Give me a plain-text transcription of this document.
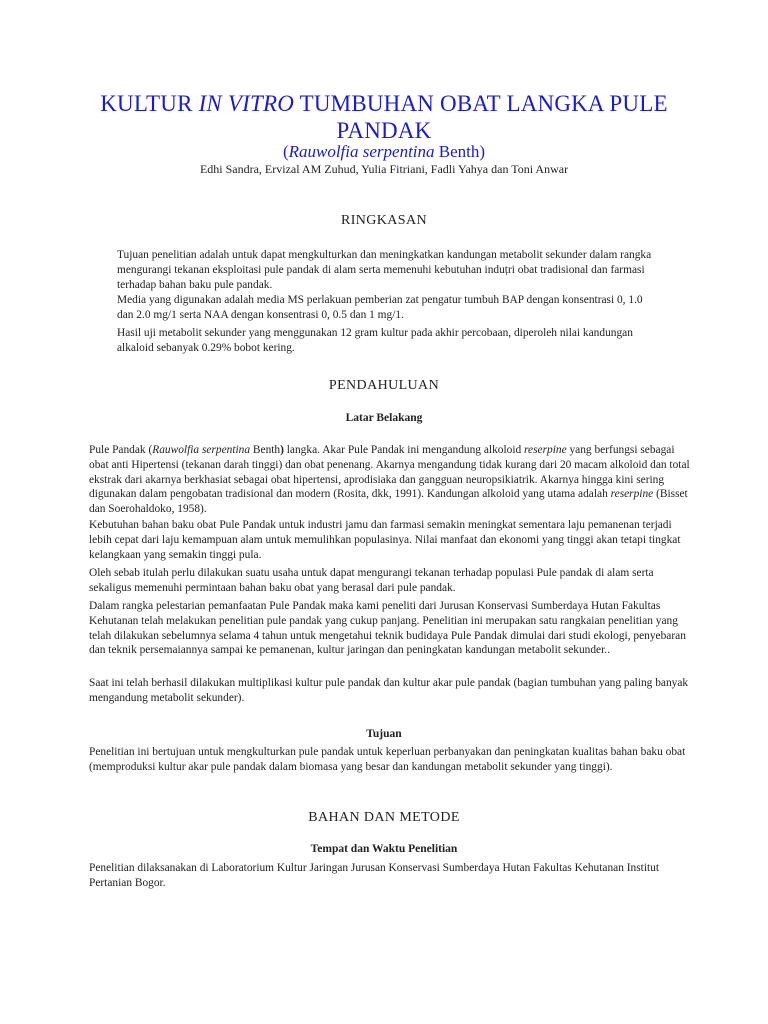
KULTUR IN VITRO TUMBUHAN OBAT LANGKA PULE PANDAK
(Rauwolfia serpentina Benth)
Edhi Sandra, Ervizal AM Zuhud, Yulia Fitriani, Fadli Yahya dan Toni Anwar
RINGKASAN

Tujuan penelitian adalah untuk dapat mengkulturkan dan meningkatkan kandungan metabolit sekunder dalam rangka mengurangi tekanan eksploitasi pule pandak di alam serta memenuhi kebutuhan induțri obat tradisional dan farmasi terhadap bahan baku pule pandak.

Media yang digunakan adalah media MS perlakuan pemberian zat pengatur tumbuh BAP dengan konsentrasi 0, 1.0 dan 2.0 mg/1 serta NAA dengan konsentrasi 0, 0.5 dan 1 mg/1.

Hasil uji metabolit sekunder yang menggunakan 12 gram kultur pada akhir percobaan, diperoleh nilai kandungan alkaloid sebanyak 0.29% bobot kering.

PENDAHULUAN
Latar Belakang

Pule Pandak (Rauwolfia serpentina Benth) langka. Akar Pule Pandak ini mengandung alkoloid reserpine yang berfungsi sebagai obat anti Hipertensi (tekanan darah tinggi) dan obat penenang. Akarnya mengandung tidak kurang dari 20 macam alkoloid dan total ekstrak dari akarnya berkhasiat sebagai obat hipertensi, aprodisiaka dan gangguan neuropsikiatrik. Akarnya hingga kini sering digunakan dalam pengobatan tradisional dan modern (Rosita, dkk, 1991). Kandungan alkoloid yang utama adalah reserpine (Bisset dan Soerohaldoko, 1958).

Kebutuhan bahan baku obat Pule Pandak untuk industri jamu dan farmasi semakin meningkat sementara laju pemanenan terjadi lebih cepat dari laju kemampuan alam untuk memulihkan populasinya. Nilai manfaat dan ekonomi yang tinggi akan tetapi tingkat kelangkaan yang semakin tinggi pula.

Oleh sebab itulah perlu dilakukan suatu usaha untuk dapat mengurangi tekanan terhadap populasi Pule pandak di alam serta sekaligus memenuhi permintaan bahan baku obat yang berasal dari pule pandak.

Dalam rangka pelestarian pemanfaatan Pule Pandak maka kami peneliti dari Jurusan Konservasi Sumberdaya Hutan Fakultas Kehutanan telah melakukan penelitian pule pandak yang cukup panjang. Penelitian ini merupakan satu rangkaian penelitian yang telah dilakukan sebelumnya selama 4 tahun untuk mengetahui teknik budidaya Pule Pandak dimulai dari studi ekologi, penyebaran dan teknik persemaiannya sampai ke pemanenan, kultur jaringan dan peningkatan kandungan metabolit sekunder..

Saat ini telah berhasil dilakukan multiplikasi kultur pule pandak dan kultur akar pule pandak (bagian tumbuhan yang paling banyak mengandung metabolit sekunder).

Tujuan

Penelitian ini bertujuan untuk mengkulturkan pule pandak untuk keperluan perbanyakan dan peningkatan kualitas bahan baku obat (memproduksi kultur akar pule pandak dalam biomasa yang besar dan kandungan metabolit sekunder yang tinggi).

BAHAN DAN METODE
Tempat dan Waktu Penelitian

Penelitian dilaksanakan di Laboratorium Kultur Jaringan Jurusan Konservasi Sumberdaya Hutan Fakultas Kehutanan Institut Pertanian Bogor.
